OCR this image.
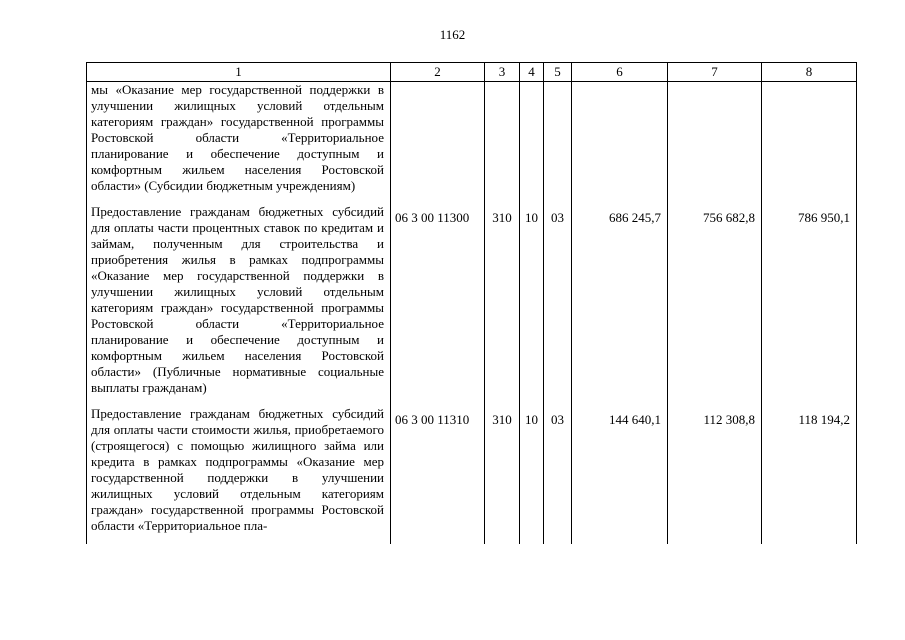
1162
1	2	3	4	5	6	7	8
мы «Оказание мер государственной поддержки в улучшении жилищных условий отдельным категориям граждан» государственной программы Ростовской области «Территориальное планирование и обеспечение доступным и комфортным жильем населения Ростовской области» (Субсидии бюджетным учреждениям)							
Предоставление гражданам бюджетных субсидий для оплаты части процентных ставок по кредитам и займам, полученным для строительства и приобретения жилья в рамках подпрограммы «Оказание мер государственной поддержки в улучшении жилищных условий отдельным категориям граждан» государственной программы Ростовской области «Территориальное планирование и обеспечение доступным и комфортным жильем населения Ростовской области» (Публичные нормативные социальные выплаты гражданам)	06 3 00 11300	310	10	03	686 245,7	756 682,8	786 950,1
Предоставление гражданам бюджетных субсидий для оплаты части стоимости жилья, приобретаемого (строящегося) с помощью жилищного займа или кредита в рамках подпрограммы «Оказание мер государственной поддержки в улучшении жилищных условий отдельным категориям граждан» государственной программы Ростовской области «Территориальное пла-	06 3 00 11310	310	10	03	144 640,1	112 308,8	118 194,2
